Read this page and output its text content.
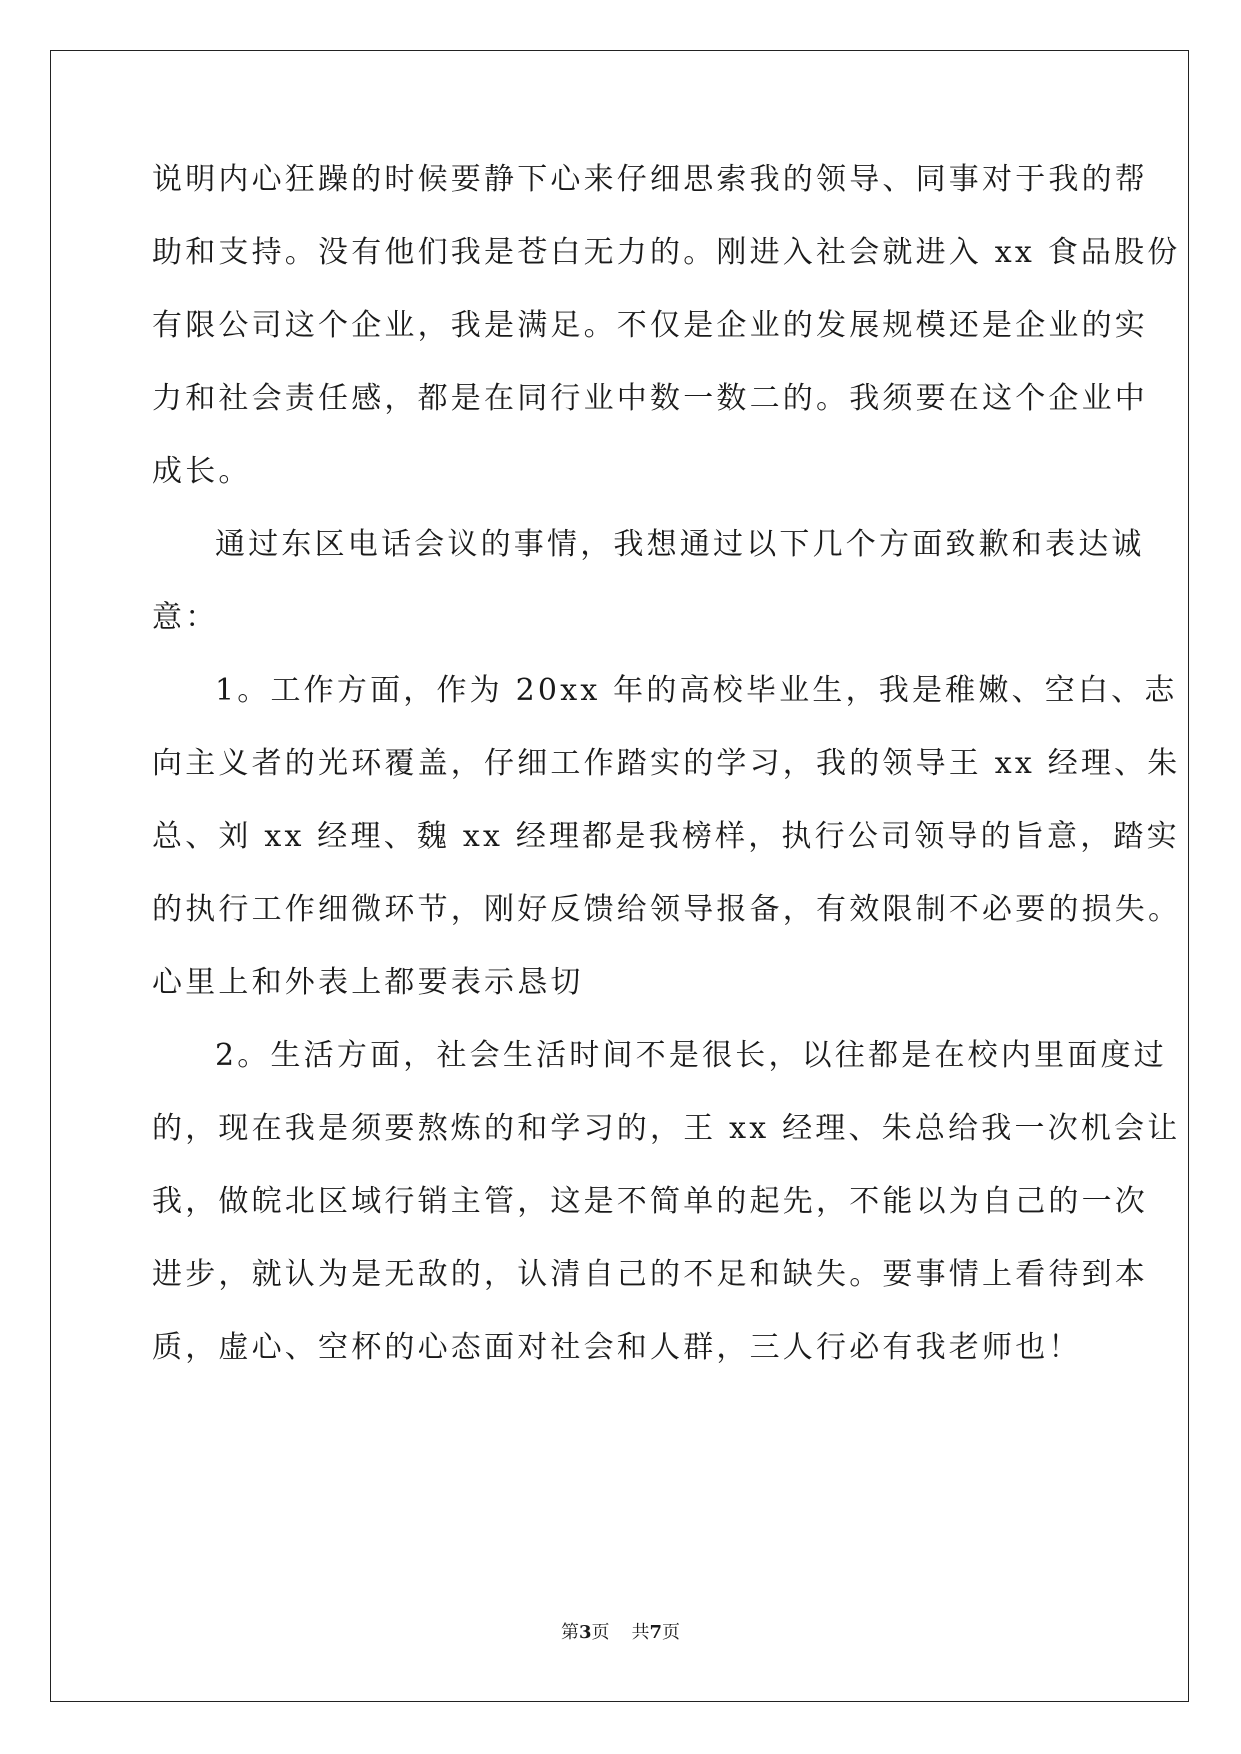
说明内心狂躁的时候要静下心来仔细思索我的领导、同事对于我的帮
助和支持。没有他们我是苍白无力的。刚进入社会就进入 xx 食品股份
有限公司这个企业，我是满足。不仅是企业的发展规模还是企业的实
力和社会责任感，都是在同行业中数一数二的。我须要在这个企业中
成长。
通过东区电话会议的事情，我想通过以下几个方面致歉和表达诚
意：
1。工作方面，作为 20xx 年的高校毕业生，我是稚嫩、空白、志
向主义者的光环覆盖，仔细工作踏实的学习，我的领导王 xx 经理、朱
总、刘 xx 经理、魏 xx 经理都是我榜样，执行公司领导的旨意，踏实
的执行工作细微环节，刚好反馈给领导报备，有效限制不必要的损失。
心里上和外表上都要表示恳切
2。生活方面，社会生活时间不是很长，以往都是在校内里面度过
的，现在我是须要熬炼的和学习的，王 xx 经理、朱总给我一次机会让
我，做皖北区域行销主管，这是不简单的起先，不能以为自己的一次
进步，就认为是无敌的，认清自己的不足和缺失。要事情上看待到本
质，虚心、空杯的心态面对社会和人群，三人行必有我老师也！
第3页 共7页
